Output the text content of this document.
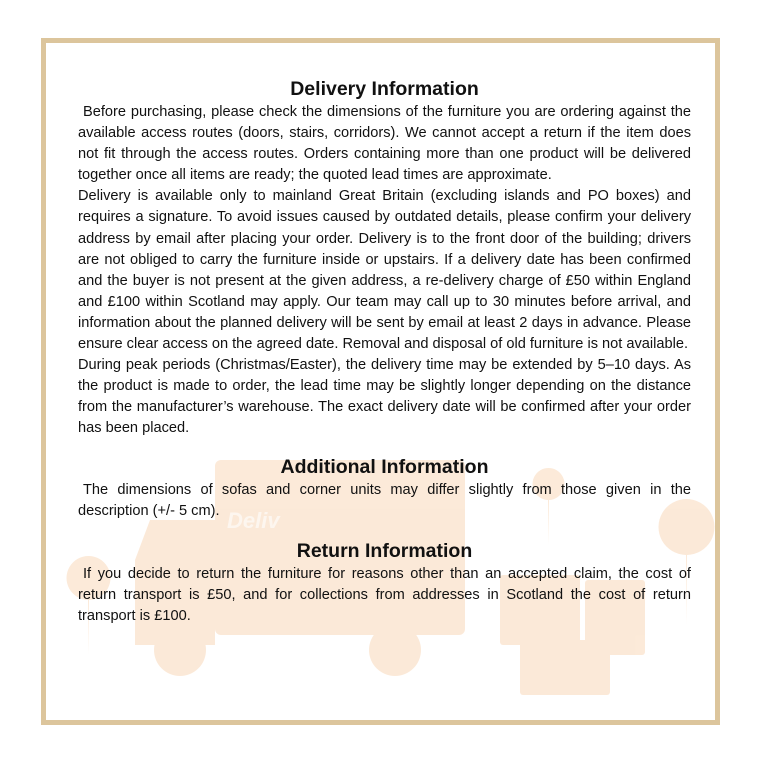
Deliv
Delivery Information

Before purchasing, please check the dimensions of the furniture you are ordering against the available access routes (doors, stairs, corridors). We cannot accept a return if the item does not fit through the access routes. Orders containing more than one product will be delivered together once all items are ready; the quoted lead times are approximate.

Delivery is available only to mainland Great Britain (excluding islands and PO boxes) and requires a signature. To avoid issues caused by outdated details, please confirm your delivery address by email after placing your order. Delivery is to the front door of the building; drivers are not obliged to carry the furniture inside or upstairs. If a delivery date has been confirmed and the buyer is not present at the given address, a re-delivery charge of £50 within England and £100 within Scotland may apply. Our team may call up to 30 minutes before arrival, and information about the planned delivery will be sent by email at least 2 days in advance. Please ensure clear access on the agreed date. Removal and disposal of old furniture is not available.

During peak periods (Christmas/Easter), the delivery time may be extended by 5–10 days. As the product is made to order, the lead time may be slightly longer depending on the distance from the manufacturer’s warehouse. The exact delivery date will be confirmed after your order has been placed.

Additional Information

The dimensions of sofas and corner units may differ slightly from those given in the description (+/- 5 cm).

Return Information

If you decide to return the furniture for reasons other than an accepted claim, the cost of return transport is £50, and for collections from addresses in Scotland the cost of return transport is £100.
